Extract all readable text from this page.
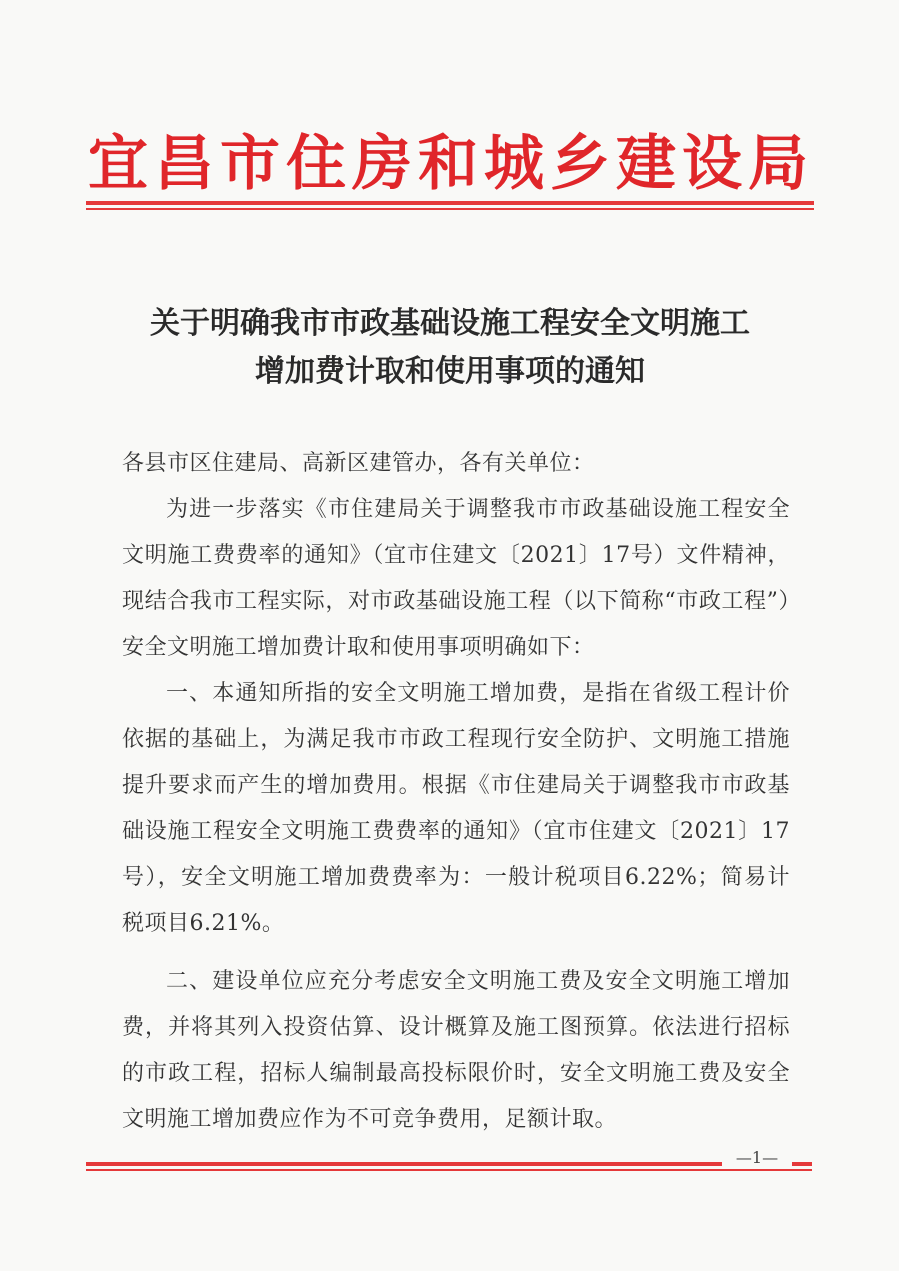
宜昌市住房和城乡建设局
关于明确我市市政基础设施工程安全文明施工
增加费计取和使用事项的通知

各县市区住建局、高新区建管办，各有关单位：

为进一步落实《市住建局关于调整我市市政基础设施工程安全文明施工费费率的通知》（宜市住建文〔2021〕17号）文件精神，现结合我市工程实际，对市政基础设施工程（以下简称“市政工程”）安全文明施工增加费计取和使用事项明确如下：

一、本通知所指的安全文明施工增加费，是指在省级工程计价依据的基础上，为满足我市市政工程现行安全防护、文明施工措施提升要求而产生的增加费用。根据《市住建局关于调整我市市政基础设施工程安全文明施工费费率的通知》（宜市住建文〔2021〕17号），安全文明施工增加费费率为：一般计税项目6.22%；简易计税项目6.21%。

二、建设单位应充分考虑安全文明施工费及安全文明施工增加费，并将其列入投资估算、设计概算及施工图预算。依法进行招标的市政工程，招标人编制最高投标限价时，安全文明施工费及安全文明施工增加费应作为不可竞争费用，足额计取。

—1—
